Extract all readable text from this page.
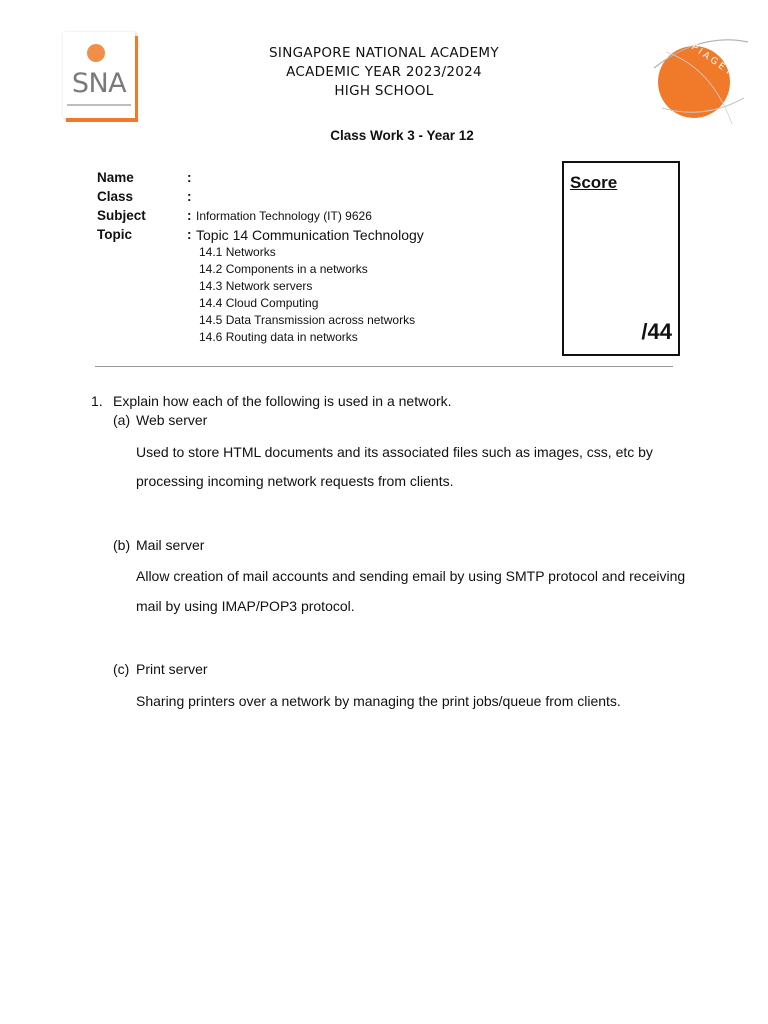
SNA
P I A G E T
SINGAPORE NATIONAL ACADEMY
ACADEMIC YEAR 2023/2024
HIGH SCHOOL
Class Work 3 - Year 12
Name	:
Class	:
Subject	: Information Technology (IT) 9626
Topic	: Topic 14 Communication Technology
14.1 Networks
14.2 Components in a networks
14.3 Network servers
14.4 Cloud Computing
14.5 Data Transmission across networks
14.6 Routing data in networks
Score
/44
1. Explain how each of the following is used in a network.
(a) Web server
Used to store HTML documents and its associated files such as images, css, etc by
processing incoming network requests from clients.
(b) Mail server
Allow creation of mail accounts and sending email by using SMTP protocol and receiving
mail by using IMAP/POP3 protocol.
(c) Print server
Sharing printers over a network by managing the print jobs/queue from clients.
